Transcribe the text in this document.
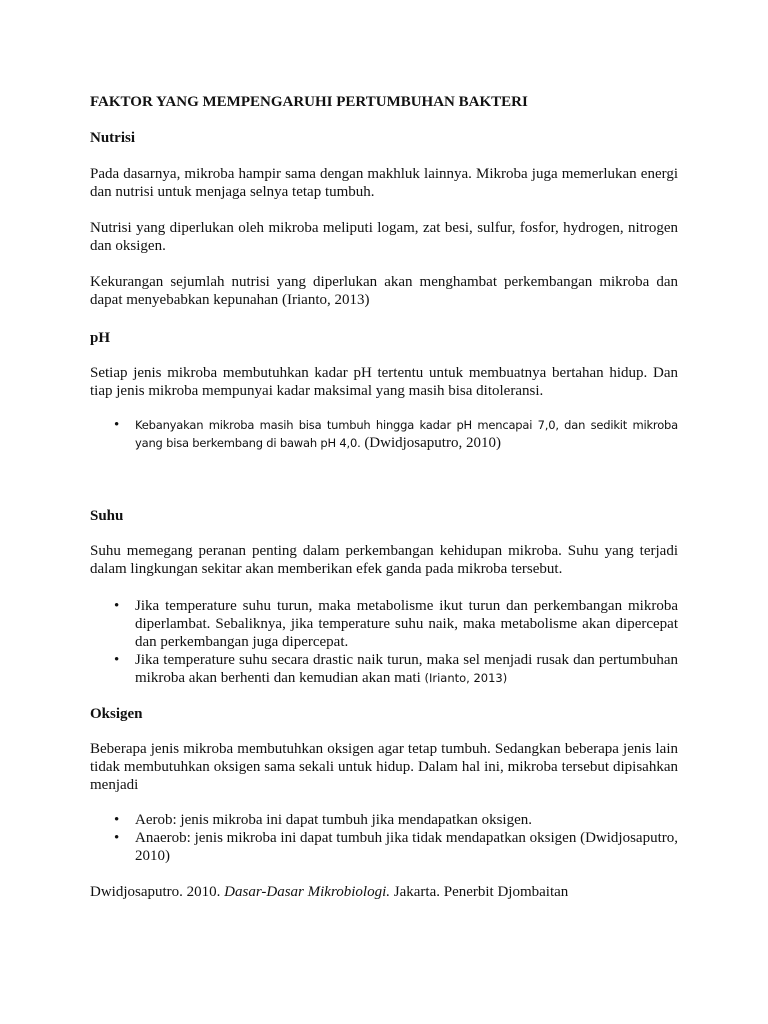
FAKTOR YANG MEMPENGARUHI PERTUMBUHAN BAKTERI

Nutrisi

Pada dasarnya, mikroba hampir sama dengan makhluk lainnya. Mikroba juga memerlukan energi dan nutrisi untuk menjaga selnya tetap tumbuh.

Nutrisi yang diperlukan oleh mikroba meliputi logam, zat besi, sulfur, fosfor, hydrogen, nitrogen dan oksigen.

Kekurangan sejumlah nutrisi yang diperlukan akan menghambat perkembangan mikroba dan dapat menyebabkan kepunahan (Irianto, 2013)

pH

Setiap jenis mikroba membutuhkan kadar pH tertentu untuk membuatnya bertahan hidup. Dan tiap jenis mikroba mempunyai kadar maksimal yang masih bisa ditoleransi.

• Kebanyakan mikroba masih bisa tumbuh hingga kadar pH mencapai 7,0, dan sedikit mikroba yang bisa berkembang di bawah pH 4,0. (Dwidjosaputro, 2010)

Suhu

Suhu memegang peranan penting dalam perkembangan kehidupan mikroba. Suhu yang terjadi dalam lingkungan sekitar akan memberikan efek ganda pada mikroba tersebut.

• Jika temperature suhu turun, maka metabolisme ikut turun dan perkembangan mikroba diperlambat. Sebaliknya, jika temperature suhu naik, maka metabolisme akan dipercepat dan perkembangan juga dipercepat.
• Jika temperature suhu secara drastic naik turun, maka sel menjadi rusak dan pertumbuhan mikroba akan berhenti dan kemudian akan mati (Irianto, 2013)

Oksigen

Beberapa jenis mikroba membutuhkan oksigen agar tetap tumbuh. Sedangkan beberapa jenis lain tidak membutuhkan oksigen sama sekali untuk hidup. Dalam hal ini, mikroba tersebut dipisahkan menjadi

• Aerob: jenis mikroba ini dapat tumbuh jika mendapatkan oksigen.
• Anaerob: jenis mikroba ini dapat tumbuh jika tidak mendapatkan oksigen (Dwidjosaputro, 2010)

Dwidjosaputro. 2010. Dasar-Dasar Mikrobiologi. Jakarta. Penerbit Djombaitan
